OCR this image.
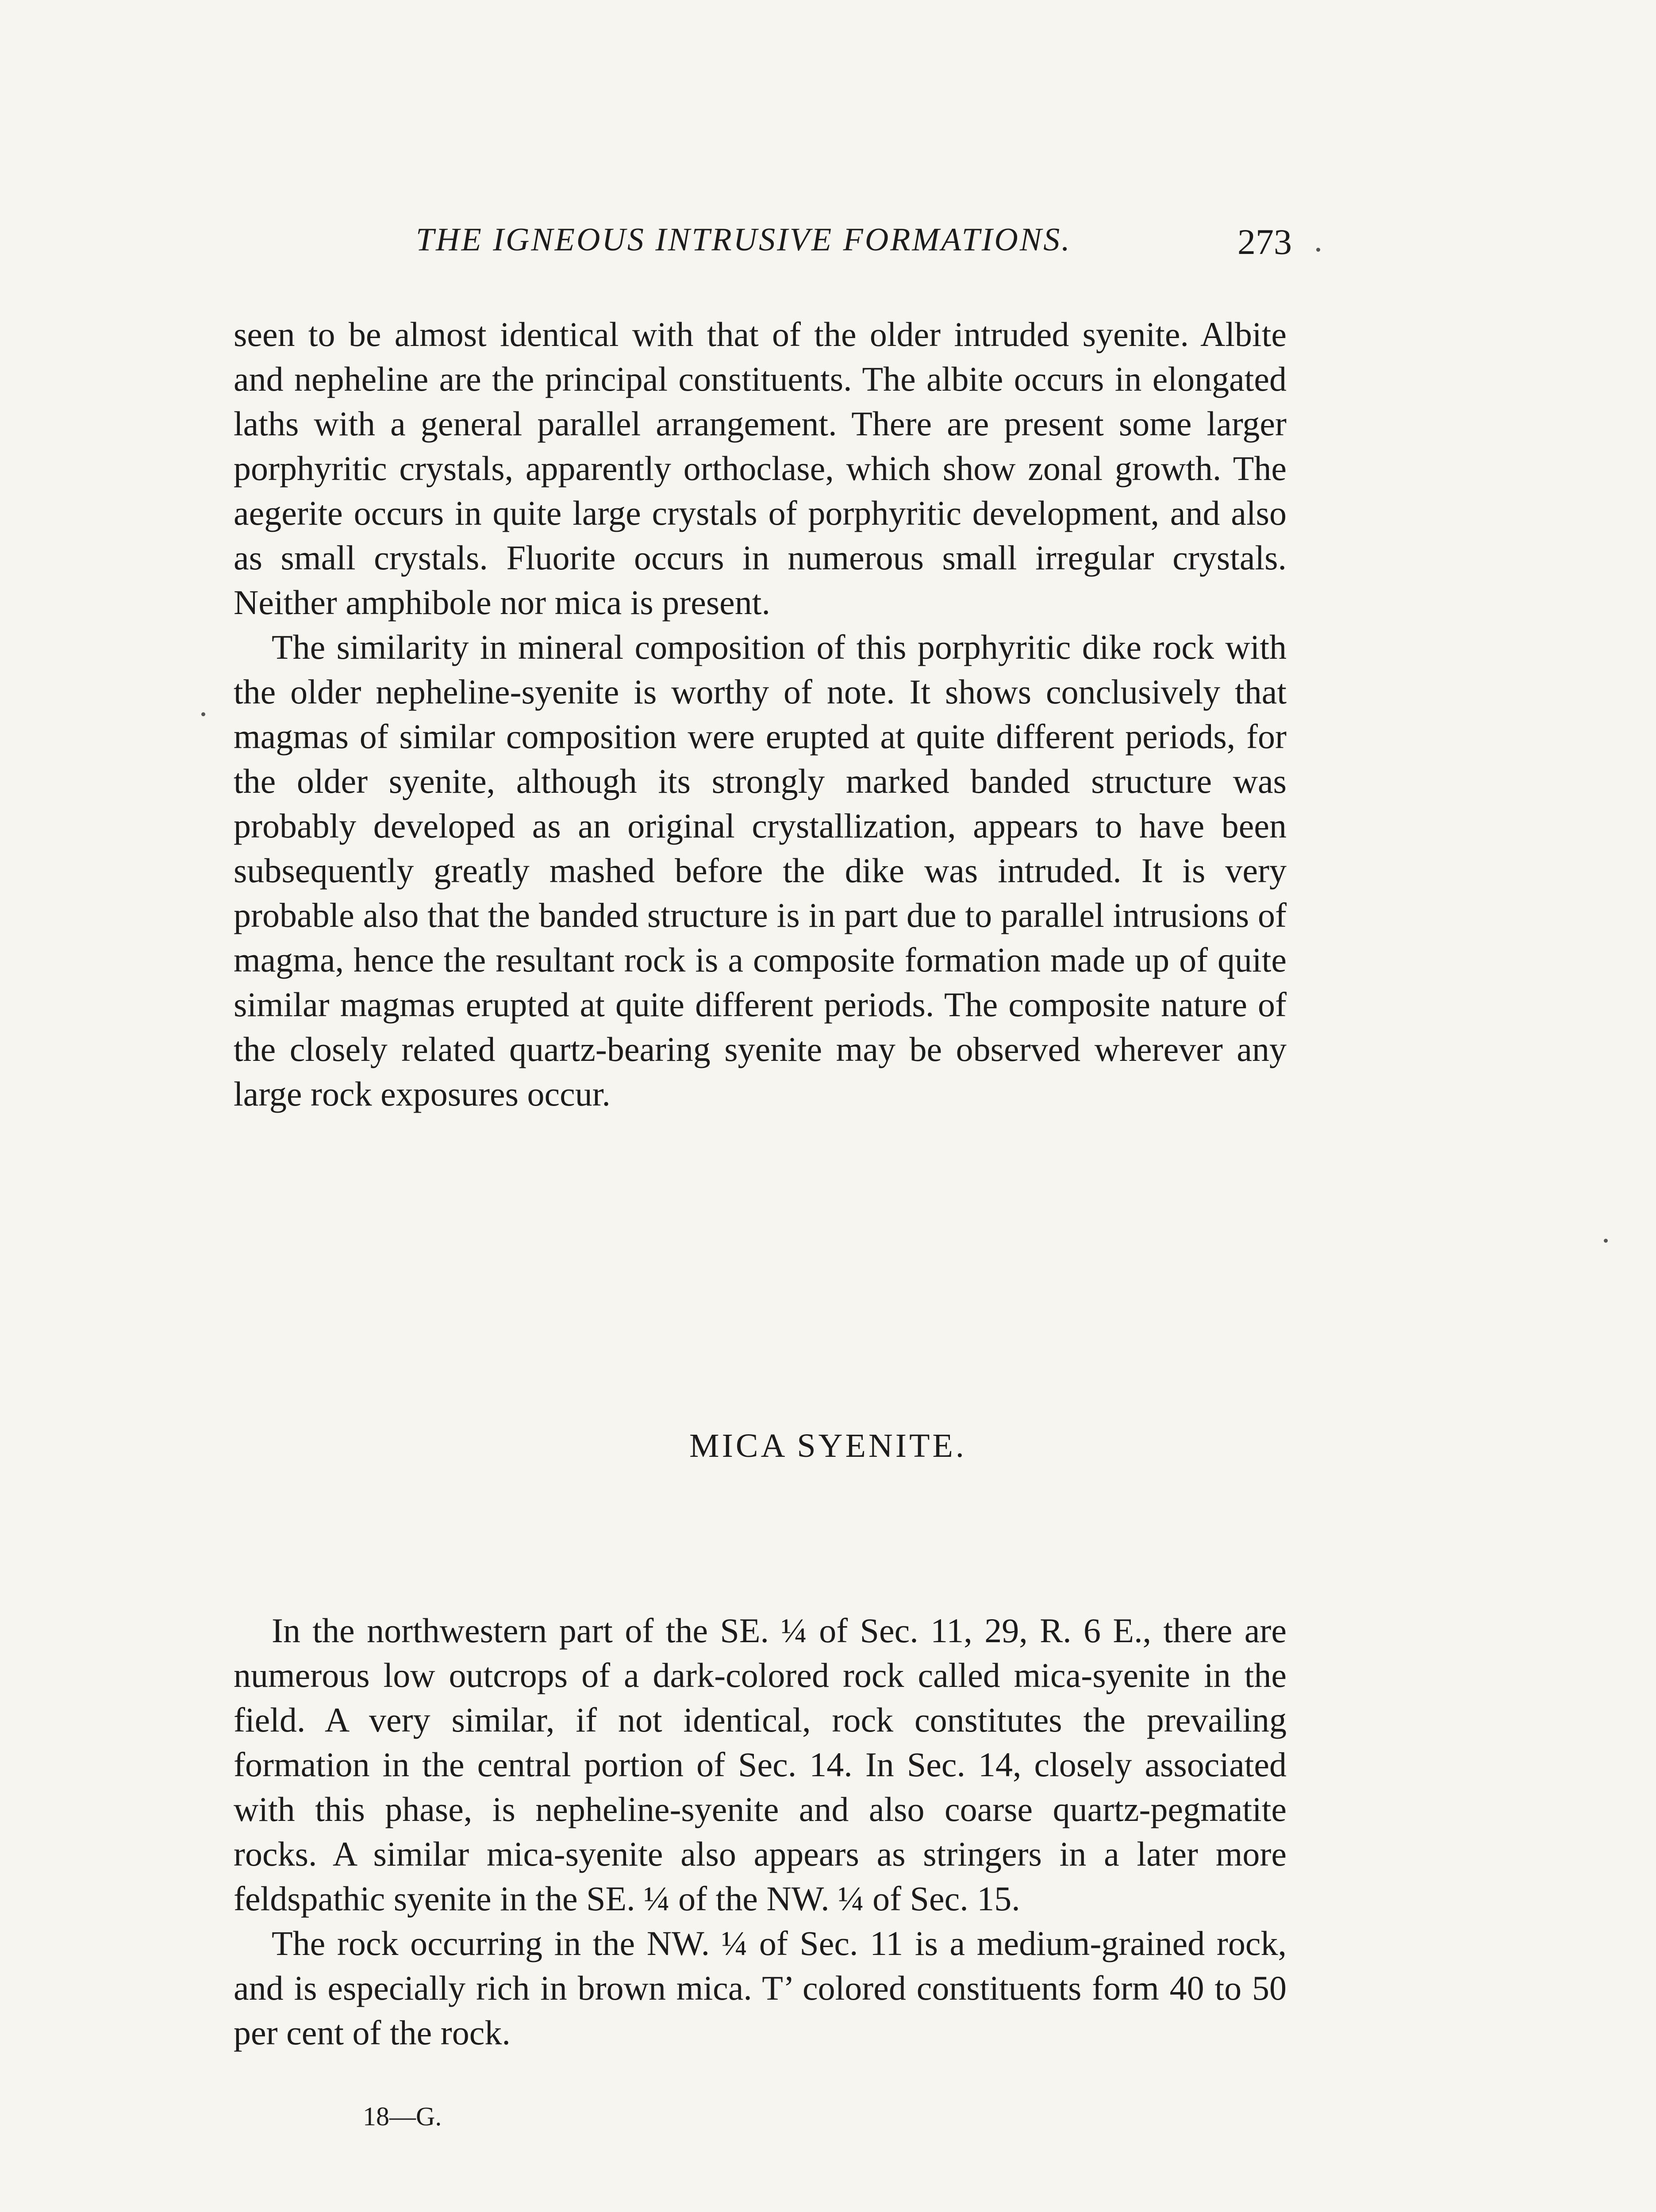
THE IGNEOUS INTRUSIVE FORMATIONS.	273

seen to be almost identical with that of the older intruded syenite. Albite and nepheline are the principal constituents. The albite occurs in elongated laths with a general parallel arrangement. There are present some larger porphyritic crystals, apparently orthoclase, which show zonal growth. The aegerite occurs in quite large crystals of porphyritic development, and also as small crystals. Fluorite occurs in numerous small irregular crystals. Neither amphibole nor mica is present.

The similarity in mineral composition of this porphyritic dike rock with the older nepheline-syenite is worthy of note. It shows conclusively that magmas of similar composition were erupted at quite different periods, for the older syenite, although its strongly marked banded structure was probably developed as an original crystallization, appears to have been subsequently greatly mashed before the dike was intruded. It is very probable also that the banded structure is in part due to parallel intrusions of magma, hence the resultant rock is a composite formation made up of quite similar magmas erupted at quite different periods. The composite nature of the closely related quartz-bearing syenite may be observed wherever any large rock exposures occur.

MICA SYENITE.

In the northwestern part of the SE. ¼ of Sec. 11, 29, R. 6 E., there are numerous low outcrops of a dark-colored rock called mica-syenite in the field. A very similar, if not identical, rock constitutes the prevailing formation in the central portion of Sec. 14. In Sec. 14, closely associated with this phase, is nepheline-syenite and also coarse quartz-pegmatite rocks. A similar mica-syenite also appears as stringers in a later more feldspathic syenite in the SE. ¼ of the NW. ¼ of Sec. 15.

The rock occurring in the NW. ¼ of Sec. 11 is a medium-grained rock, and is especially rich in brown mica. T’ colored constituents form 40 to 50 per cent of the rock.

18—G.
